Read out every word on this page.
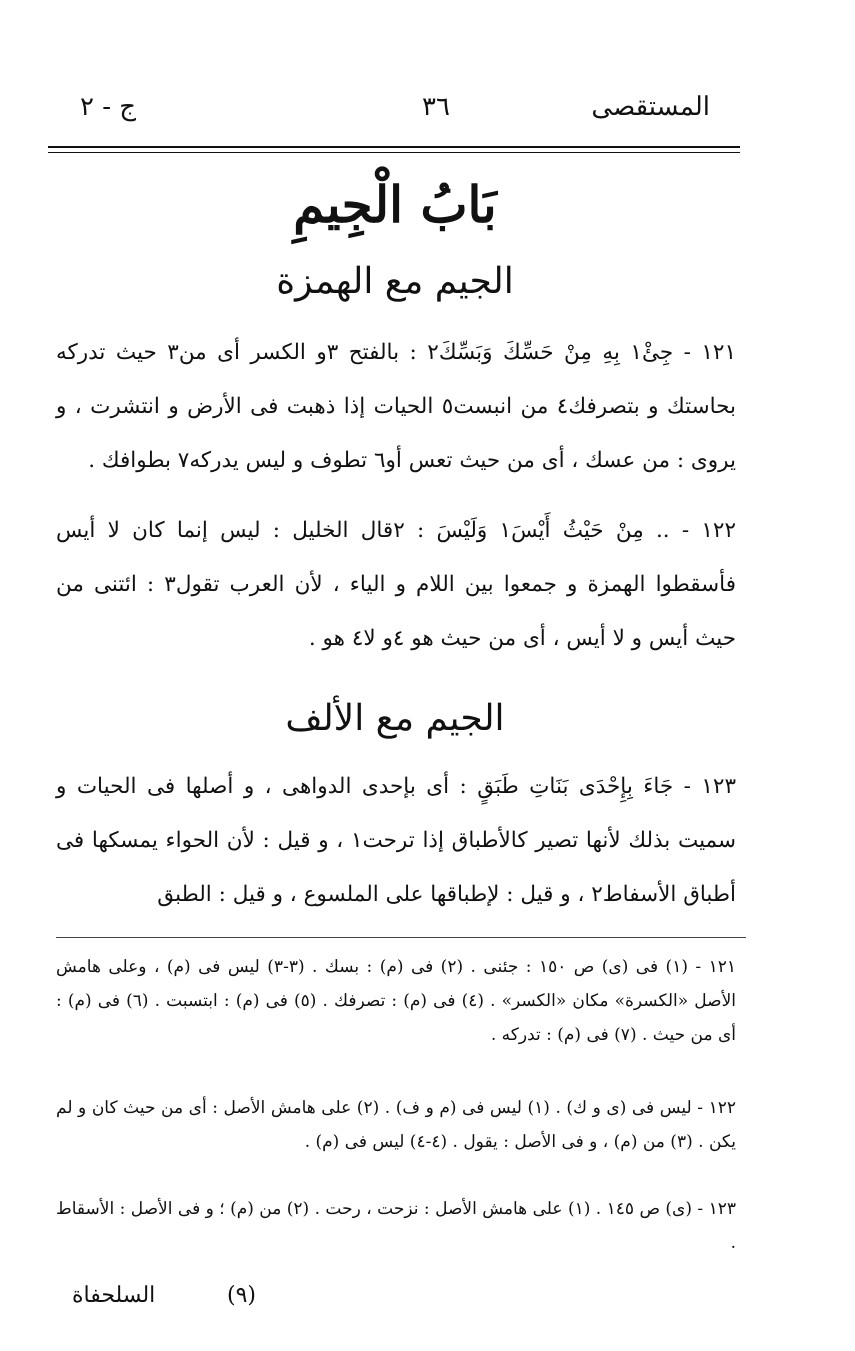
ج - ٢	٣٦	المستقصى
بَابُ الْجِيمِ
الجيم مع الهمزة
١٢١ - جِئْ١ بِهِ مِنْ حَسِّكَ وَبَسِّكَ٢ : بالفتح ٣و الكسر أى من٣ حيث تدركه بحاستك و بتصرفك٤ من انبست٥ الحيات إذا ذهبت فى الأرض و انتشرت ، و يروى : من عسك ، أى من حيث تعس أو٦ تطوف و ليس يدركه٧ بطوافك .
١٢٢ - .. مِنْ حَيْثُ أَيْسَ١ وَلَيْسَ : ٢قال الخليل : ليس إنما كان لا أيس فأسقطوا الهمزة و جمعوا بين اللام و الياء ، لأن العرب تقول٣ : ائتنى من حيث أيس و لا أيس ، أى من حيث هو ٤و لا٤ هو .
الجيم مع الألف
١٢٣ - جَاءَ بِإِحْدَى بَنَاتِ طَبَقٍ : أى بإحدى الدواهى ، و أصلها فى الحيات و سميت بذلك لأنها تصير كالأطباق إذا ترحت١ ، و قيل : لأن الحواء يمسكها فى أطباق الأسفاط٢ ، و قيل : لإطباقها على الملسوع ، و قيل : الطبق
١٢١ - (١) فى (ى) ص ١٥٠ : جئنى . (٢) فى (م) : بسك . (٣-٣) ليس فى (م) ، وعلى هامش الأصل «الكسرة» مكان «الكسر» . (٤) فى (م) : تصرفك . (٥) فى (م) : ابتسبت . (٦) فى (م) : أى من حيث . (٧) فى (م) : تدركه .
١٢٢ - ليس فى (ى و ك) . (١) ليس فى (م و ف) . (٢) على هامش الأصل : أى من حيث كان و لم يكن . (٣) من (م) ، و فى الأصل : يقول . (٤-٤) ليس فى (م) .
١٢٣ - (ى) ص ١٤٥ . (١) على هامش الأصل : نزحت ، رحت . (٢) من (م) ؛ و فى الأصل : الأسقاط .
(٩)
السلحفاة
